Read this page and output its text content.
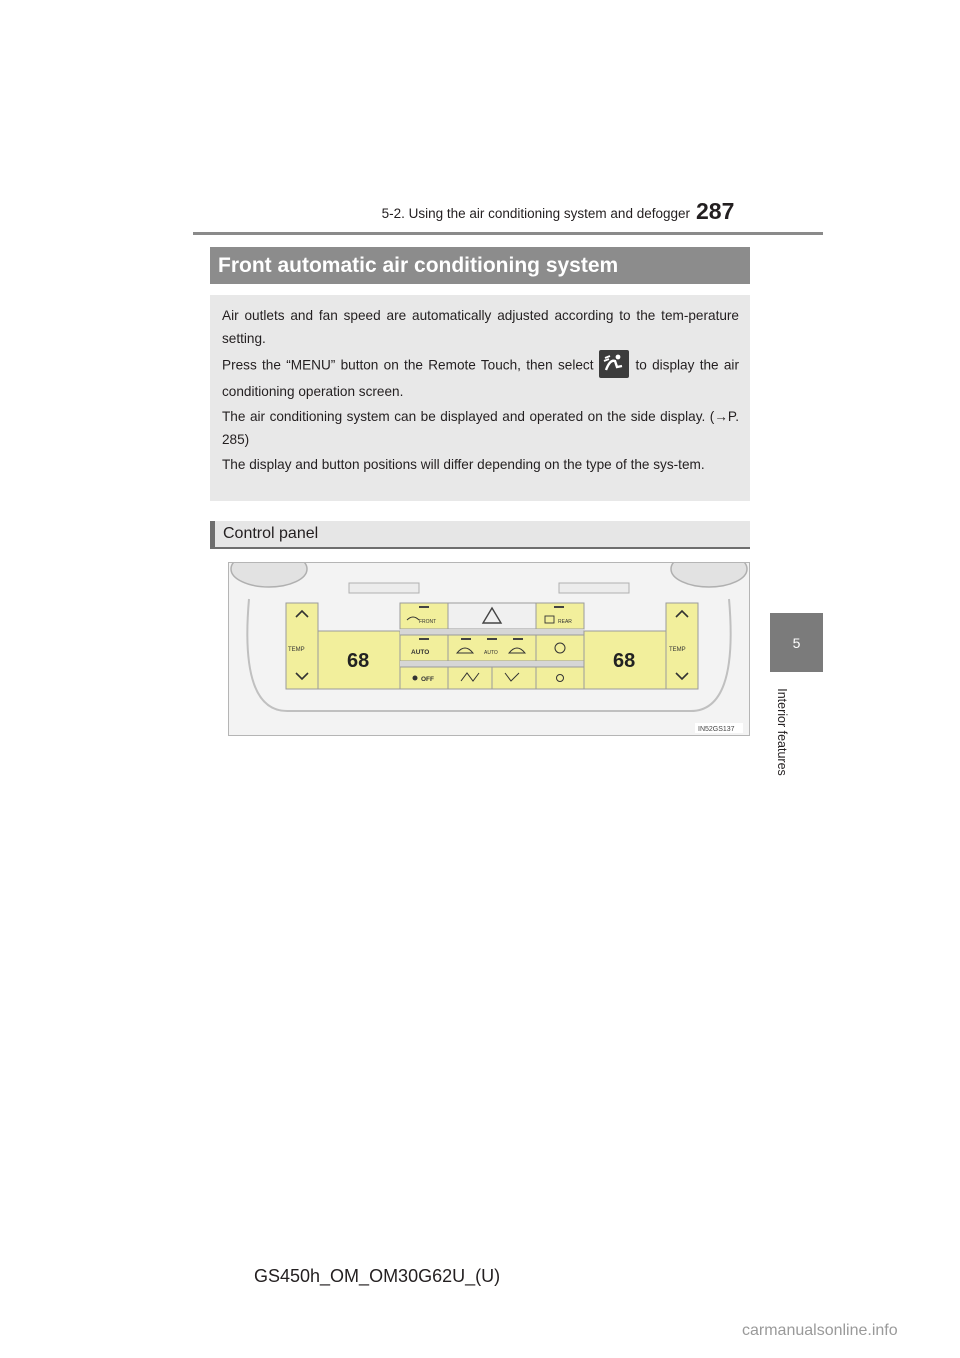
5-2. Using the air conditioning system and defogger 287
5
Interior features
Front automatic air conditioning system

Air outlets and fan speed are automatically adjusted according to the tem-perature setting.

Press the “MENU” button on the Remote Touch, then select	to display the air conditioning operation screen.

The air conditioning system can be displayed and operated on the side display. (→P. 285)

The display and button positions will differ depending on the type of the sys-tem.

Control panel
TEMP 68
FRONT	REAR
AUTO	AUTO
OFF
68	TEMP
IN52GS137
GS450h_OM_OM30G62U_(U)
carmanualsonline.info
